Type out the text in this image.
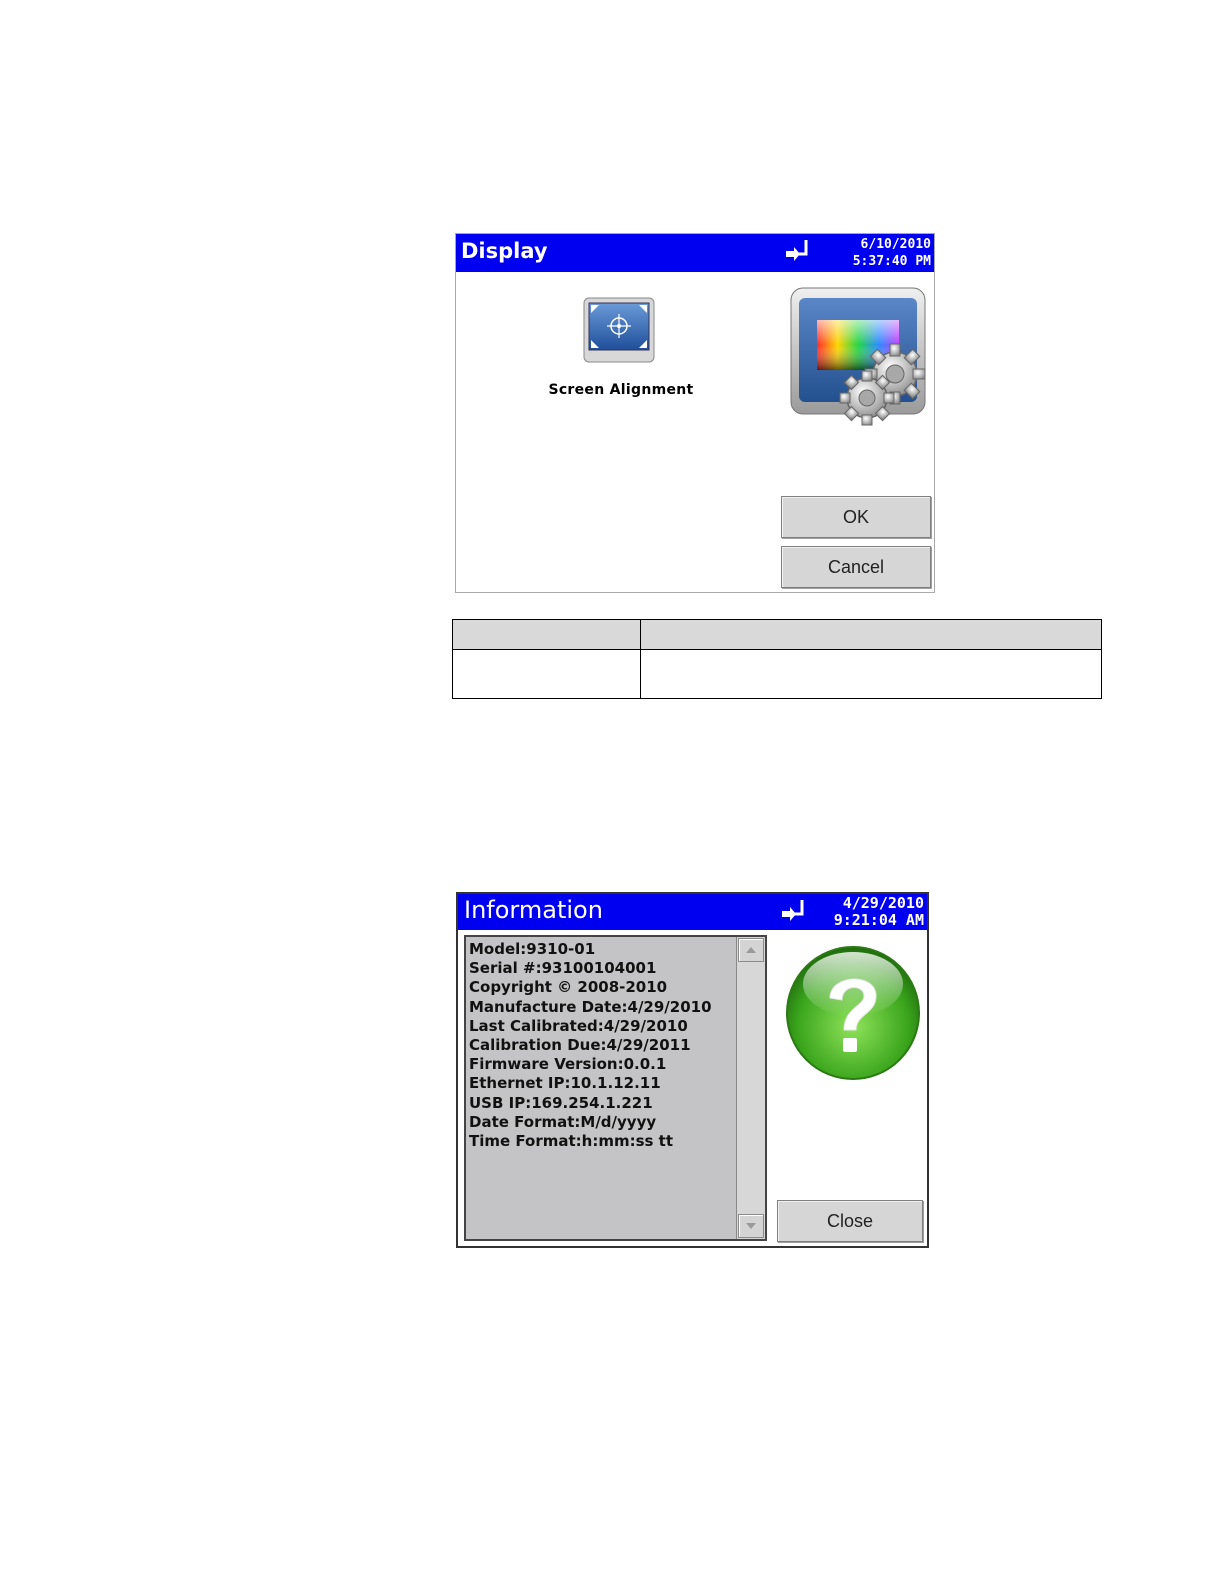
Display	6/10/2010
5:37:40 PM
Screen Alignment
OK
Cancel

Information	4/29/2010
9:21:04 AM
Model:9310-01
Serial #:93100104001
Copyright © 2008-2010
Manufacture Date:4/29/2010
Last Calibrated:4/29/2010
Calibration Due:4/29/2011
Firmware Version:0.0.1
Ethernet IP:10.1.12.11
USB IP:169.254.1.221
Date Format:M/d/yyyy
Time Format:h:mm:ss tt
Close
